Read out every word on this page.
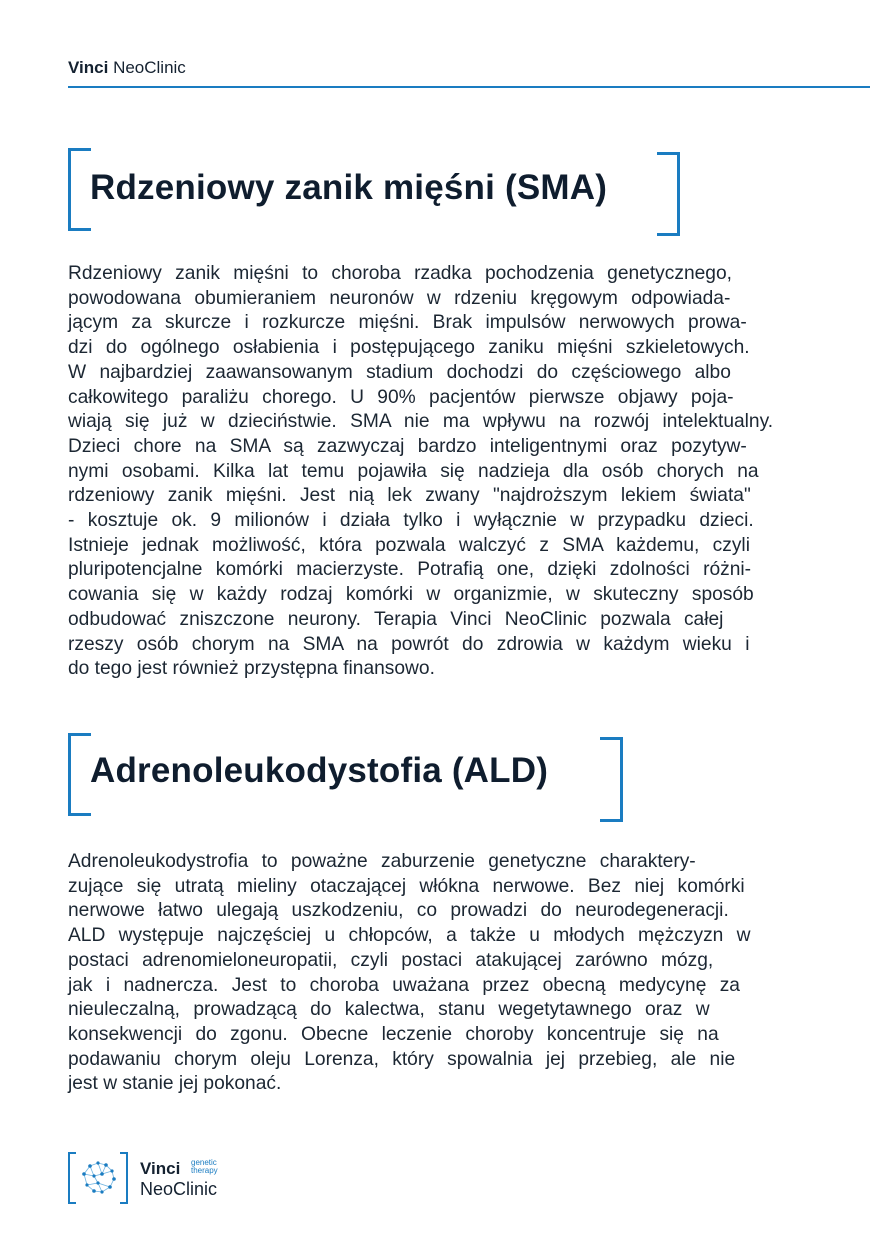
Vinci NeoClinic
Rdzeniowy zanik mięśni (SMA)
Rdzeniowy zanik mięśni to choroba rzadka pochodzenia genetycznego,
powodowana obumieraniem neuronów w rdzeniu kręgowym odpowiada-
jącym za skurcze i rozkurcze mięśni. Brak impulsów nerwowych prowa-
dzi do ogólnego osłabienia i postępującego zaniku mięśni szkieletowych.
W najbardziej zaawansowanym stadium dochodzi do częściowego albo
całkowitego paraliżu chorego. U 90% pacjentów pierwsze objawy poja-
wiają się już w dzieciństwie. SMA nie ma wpływu na rozwój intelektualny.
Dzieci chore na SMA są zazwyczaj bardzo inteligentnymi oraz pozytyw-
nymi osobami. Kilka lat temu pojawiła się nadzieja dla osób chorych na
rdzeniowy zanik mięśni. Jest nią lek zwany "najdroższym lekiem świata"
- kosztuje ok. 9 milionów i działa tylko i wyłącznie w przypadku dzieci.
Istnieje jednak możliwość, która pozwala walczyć z SMA każdemu, czyli
pluripotencjalne komórki macierzyste. Potrafią one, dzięki zdolności różni-
cowania się w każdy rodzaj komórki w organizmie, w skuteczny sposób
odbudować zniszczone neurony. Terapia Vinci NeoClinic pozwala całej
rzeszy osób chorym na SMA na powrót do zdrowia w każdym wieku i
do tego jest również przystępna finansowo.
Adrenoleukodystofia (ALD)
Adrenoleukodystrofia to poważne zaburzenie genetyczne charaktery-
zujące się utratą mieliny otaczającej włókna nerwowe. Bez niej komórki
nerwowe łatwo ulegają uszkodzeniu, co prowadzi do neurodegeneracji.
ALD występuje najczęściej u chłopców, a także u młodych mężczyzn w
postaci adrenomieloneuropatii, czyli postaci atakującej zarówno mózg,
jak i nadnercza. Jest to choroba uważana przez obecną medycynę za
nieuleczalną, prowadzącą do kalectwa, stanu wegetytawnego oraz w
konsekwencji do zgonu. Obecne leczenie choroby koncentruje się na
podawaniu chorym oleju Lorenza, który spowalnia jej przebieg, ale nie
jest w stanie jej pokonać.
Vinci genetic
therapy
NeoClinic
